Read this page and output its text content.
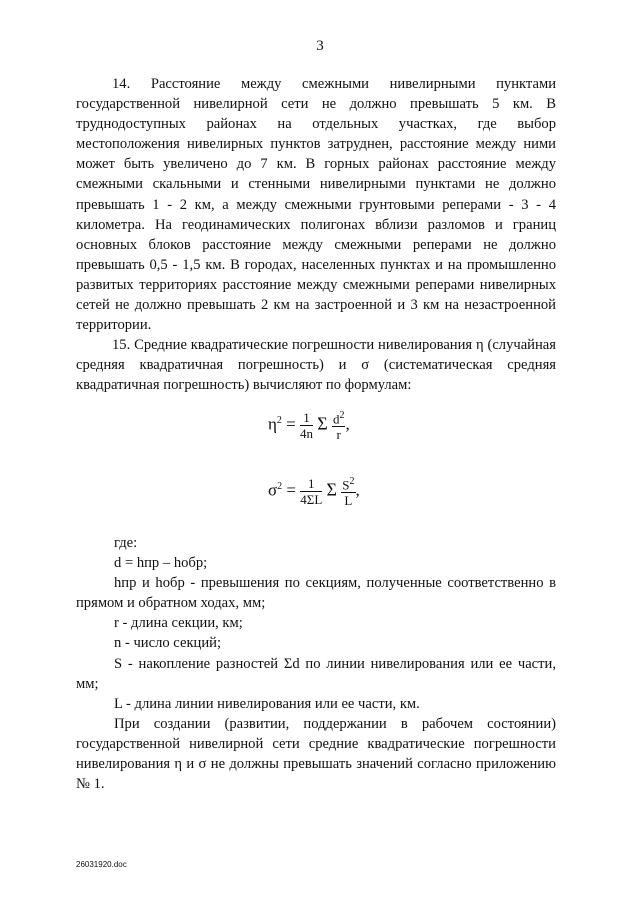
3

14. Расстояние между смежными нивелирными пунктами государственной нивелирной сети не должно превышать 5 км. В труднодоступных районах на отдельных участках, где выбор местоположения нивелирных пунктов затруднен, расстояние между ними может быть увеличено до 7 км. В горных районах расстояние между смежными скальными и стенными нивелирными пунктами не должно превышать 1 - 2 км, а между смежными грунтовыми реперами - 3 - 4 километра. На геодинамических полигонах вблизи разломов и границ основных блоков расстояние между смежными реперами не должно превышать 0,5 - 1,5 км. В городах, населенных пунктах и на промышленно развитых территориях расстояние между смежными реперами нивелирных сетей не должно превышать 2 км на застроенной и 3 км на незастроенной территории.

15. Средние квадратические погрешности нивелирования η (случайная средняя квадратичная погрешность) и σ (систематическая средняя квадратичная погрешность) вычисляют по формулам:

$\eta^2 = \frac{1}{4n}$ Σ $\frac{d^2}{r}$ ,
$\sigma^2 = \frac{1}{4\Sigma L}$ Σ $\frac{S^2}{L}$ ,

где:

d = hпр – hобр;

hпр и hобр - превышения по секциям, полученные соответственно в прямом и обратном ходах, мм;

r - длина секции, км;

n - число секций;

S - накопление разностей Σd по линии нивелирования или ее части, мм;

L - длина линии нивелирования или ее части, км.

При создании (развитии, поддержании в рабочем состоянии) государственной нивелирной сети средние квадратические погрешности нивелирования η и σ не должны превышать значений согласно приложению № 1.

26031920.doc
